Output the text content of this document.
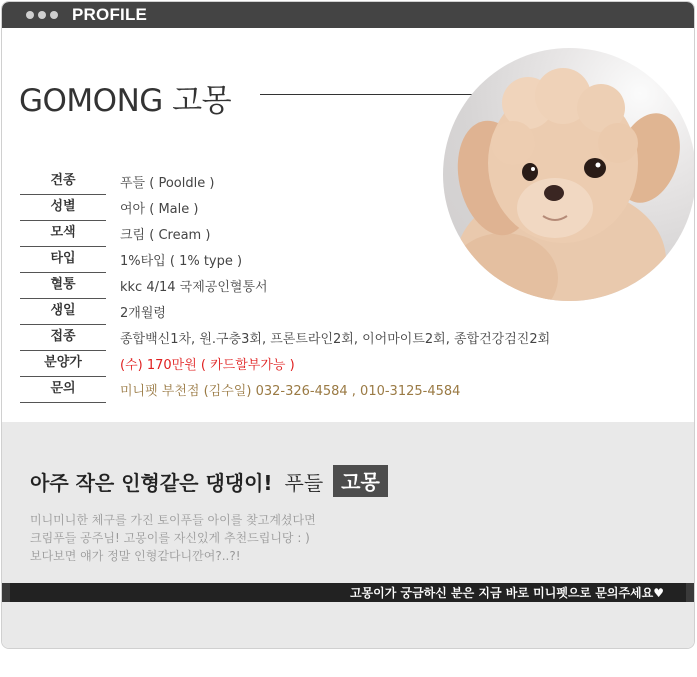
PROFILE
GOMONG 고몽
견종	푸들 ( Pooldle )
성별	여아 ( Male )
모색	크림 ( Cream )
타입	1%타입 ( 1% type )
혈통	kkc 4/14 국제공인혈통서
생일	2개월령
접종	종합백신1차, 원.구충3회, 프론트라인2회, 이어마이트2회, 종합건강검진2회
분양가	(수) 170만원 ( 카드할부가능 )
문의	미니펫 부천점 (김수일) 032-326-4584 , 010-3125-4584
아주 작은 인형같은 댕댕이! 푸들 고몽
미니미니한 체구를 가진 토이푸들 아이를 찾고계셨다면
크림푸들 공주님! 고몽이를 자신있게 추천드립니당 : )
보다보면 얘가 정말 인형같다니깐여?..?!
고몽이가 궁금하신 분은 지금 바로 미니펫으로 문의주세요♥
